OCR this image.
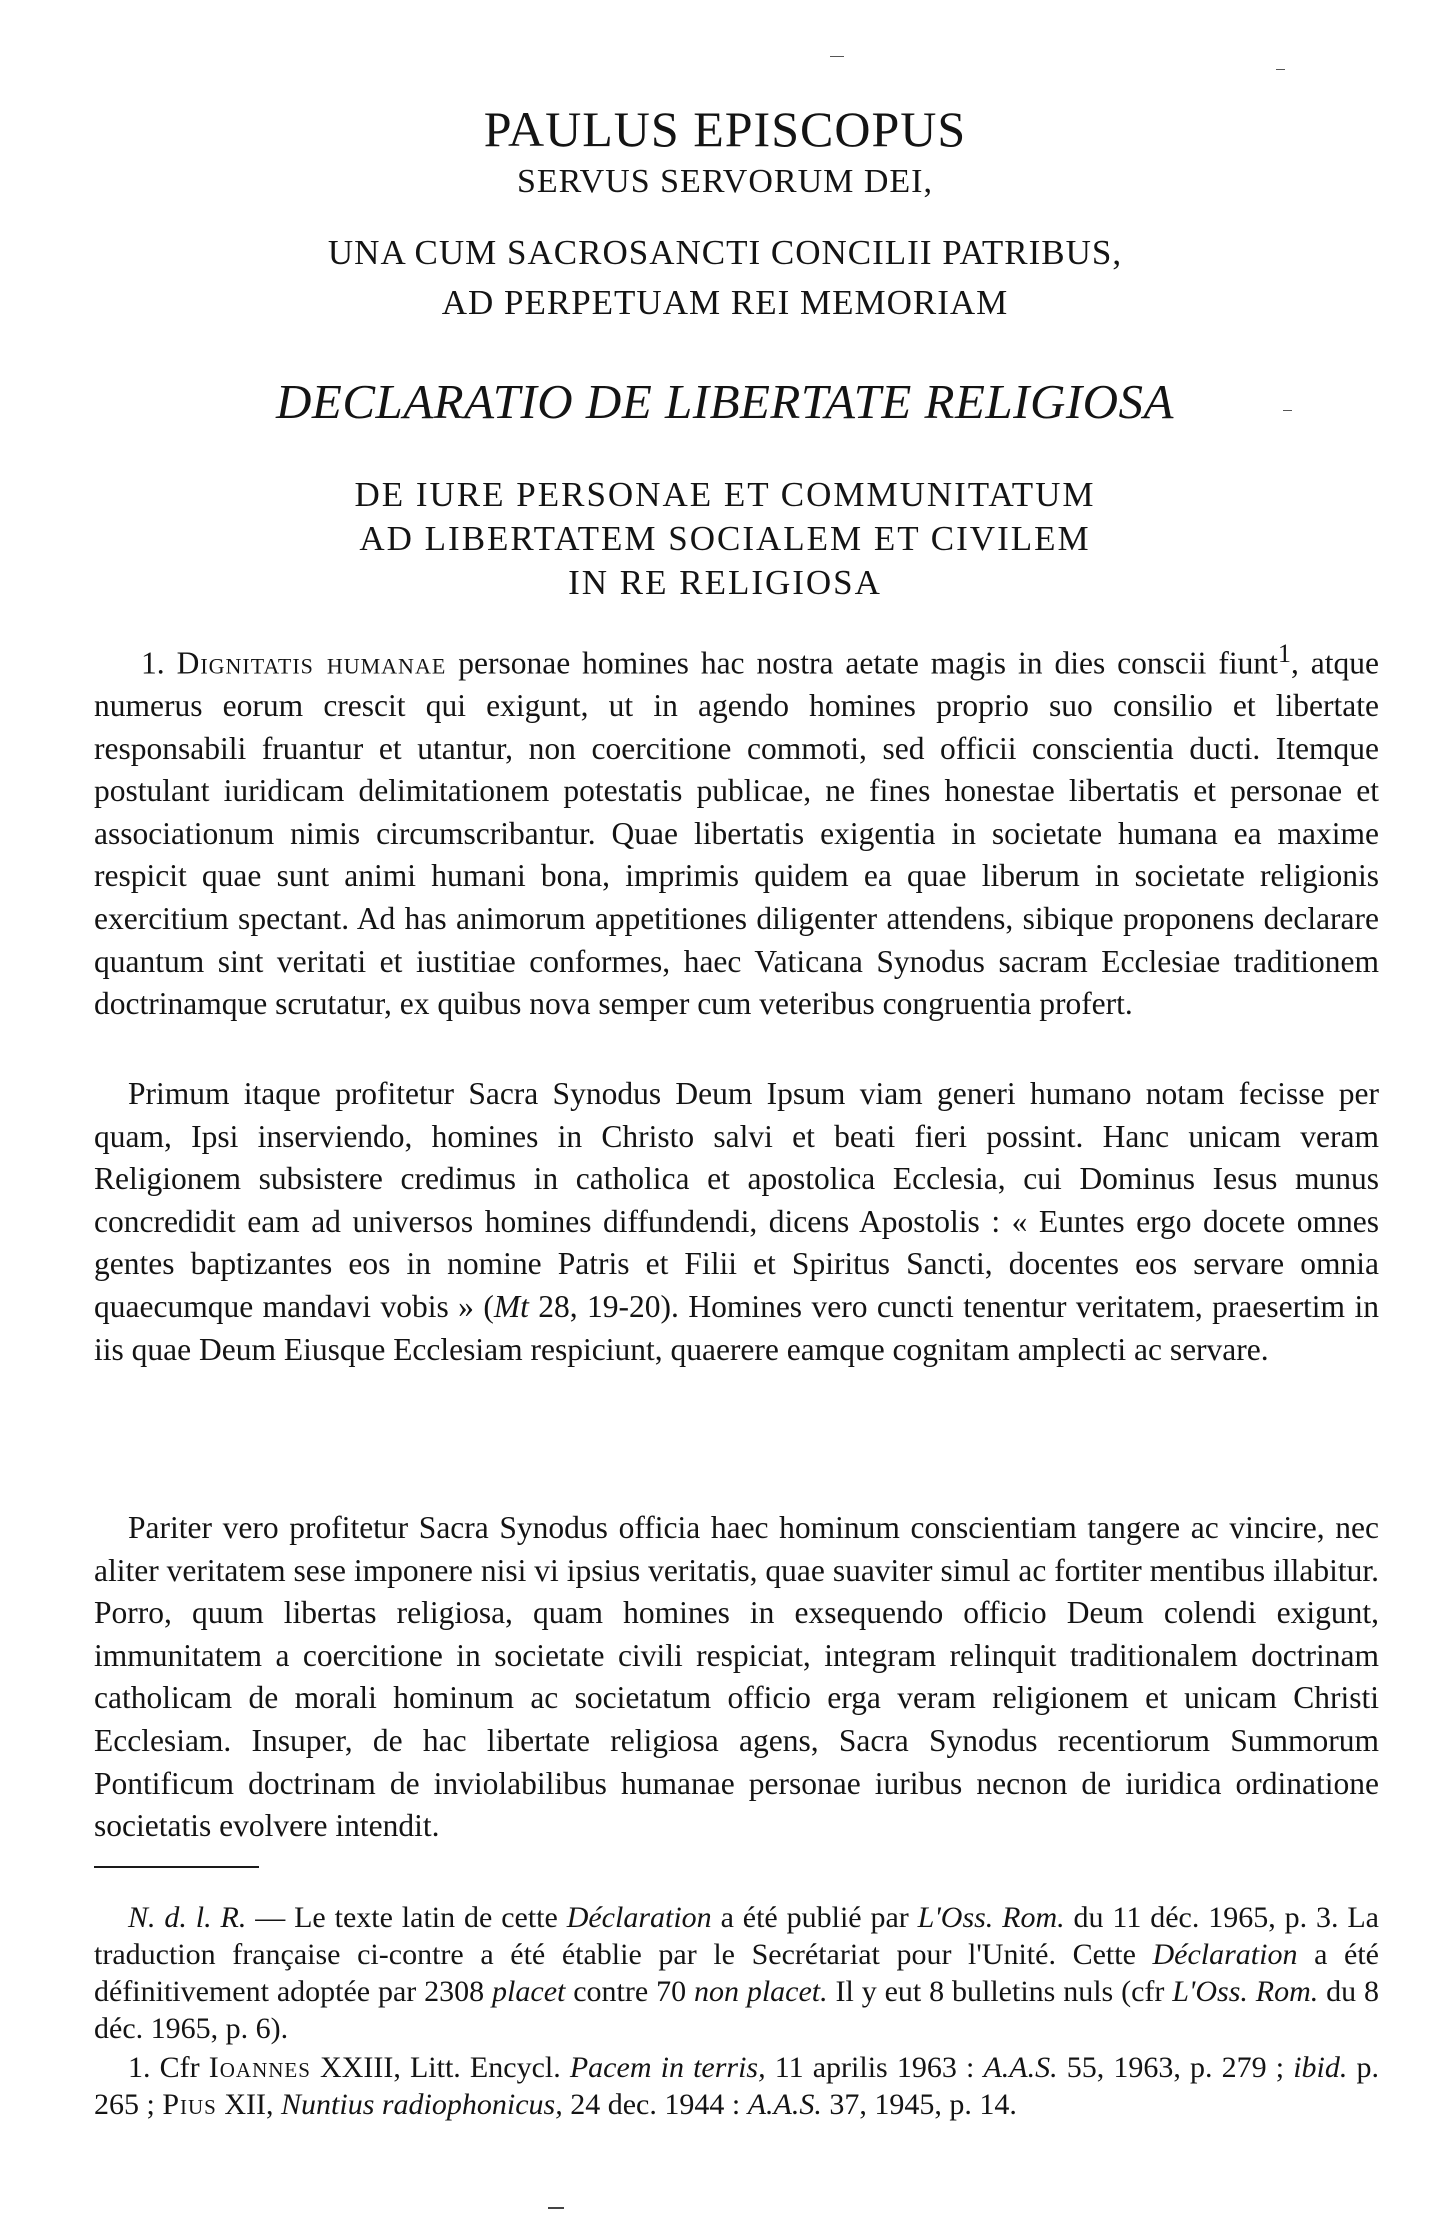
PAULUS EPISCOPUS
SERVUS SERVORUM DEI,
UNA CUM SACROSANCTI CONCILII PATRIBUS,
AD PERPETUAM REI MEMORIAM
DECLARATIO DE LIBERTATE RELIGIOSA
DE IURE PERSONAE ET COMMUNITATUM
AD LIBERTATEM SOCIALEM ET CIVILEM
IN RE RELIGIOSA

1. Dignitatis humanae personae homines hac nostra aetate magis in dies conscii fiunt$^1$, atque numerus eorum crescit qui exigunt, ut in agendo homines proprio suo consilio et libertate responsabili fruantur et utantur, non coercitione commoti, sed officii conscientia ducti. Itemque postulant iuridicam delimitationem potestatis publicae, ne fines honestae libertatis et personae et associationum nimis circumscribantur. Quae libertatis exigentia in societate humana ea maxime respicit quae sunt animi humani bona, imprimis quidem ea quae liberum in societate religionis exercitium spectant. Ad has animorum appetitiones diligenter attendens, sibique proponens declarare quantum sint veritati et iustitiae conformes, haec Vaticana Synodus sacram Ecclesiae traditionem doctrinamque scrutatur, ex quibus nova semper cum veteribus congruentia profert.

Primum itaque profitetur Sacra Synodus Deum Ipsum viam generi humano notam fecisse per quam, Ipsi inserviendo, homines in Christo salvi et beati fieri possint. Hanc unicam veram Religionem subsistere credimus in catholica et apostolica Ecclesia, cui Dominus Iesus munus concredidit eam ad universos homines diffundendi, dicens Apostolis : « Euntes ergo docete omnes gentes baptizantes eos in nomine Patris et Filii et Spiritus Sancti, docentes eos servare omnia quaecumque mandavi vobis » (Mt 28, 19-20). Homines vero cuncti tenentur veritatem, praesertim in iis quae Deum Eiusque Ecclesiam respiciunt, quaerere eamque cognitam amplecti ac servare.

Pariter vero profitetur Sacra Synodus officia haec hominum conscientiam tangere ac vincire, nec aliter veritatem sese imponere nisi vi ipsius veritatis, quae suaviter simul ac fortiter mentibus illabitur. Porro, quum libertas religiosa, quam homines in exsequendo officio Deum colendi exigunt, immunitatem a coercitione in societate civili respiciat, integram relinquit traditionalem doctrinam catholicam de morali hominum ac societatum officio erga veram religionem et unicam Christi Ecclesiam. Insuper, de hac libertate religiosa agens, Sacra Synodus recentiorum Summorum Pontificum doctrinam de inviolabilibus humanae personae iuribus necnon de iuridica ordinatione societatis evolvere intendit.

N. d. l. R. — Le texte latin de cette Déclaration a été publié par L'Oss. Rom. du 11 déc. 1965, p. 3. La traduction française ci-contre a été établie par le Secrétariat pour l'Unité. Cette Déclaration a été définitivement adoptée par 2308 placet contre 70 non placet. Il y eut 8 bulletins nuls (cfr L'Oss. Rom. du 8 déc. 1965, p. 6).

1. Cfr Ioannes XXIII, Litt. Encycl. Pacem in terris, 11 aprilis 1963 : A.A.S. 55, 1963, p. 279 ; ibid. p. 265 ; Pius XII, Nuntius radiophonicus, 24 dec. 1944 : A.A.S. 37, 1945, p. 14.
